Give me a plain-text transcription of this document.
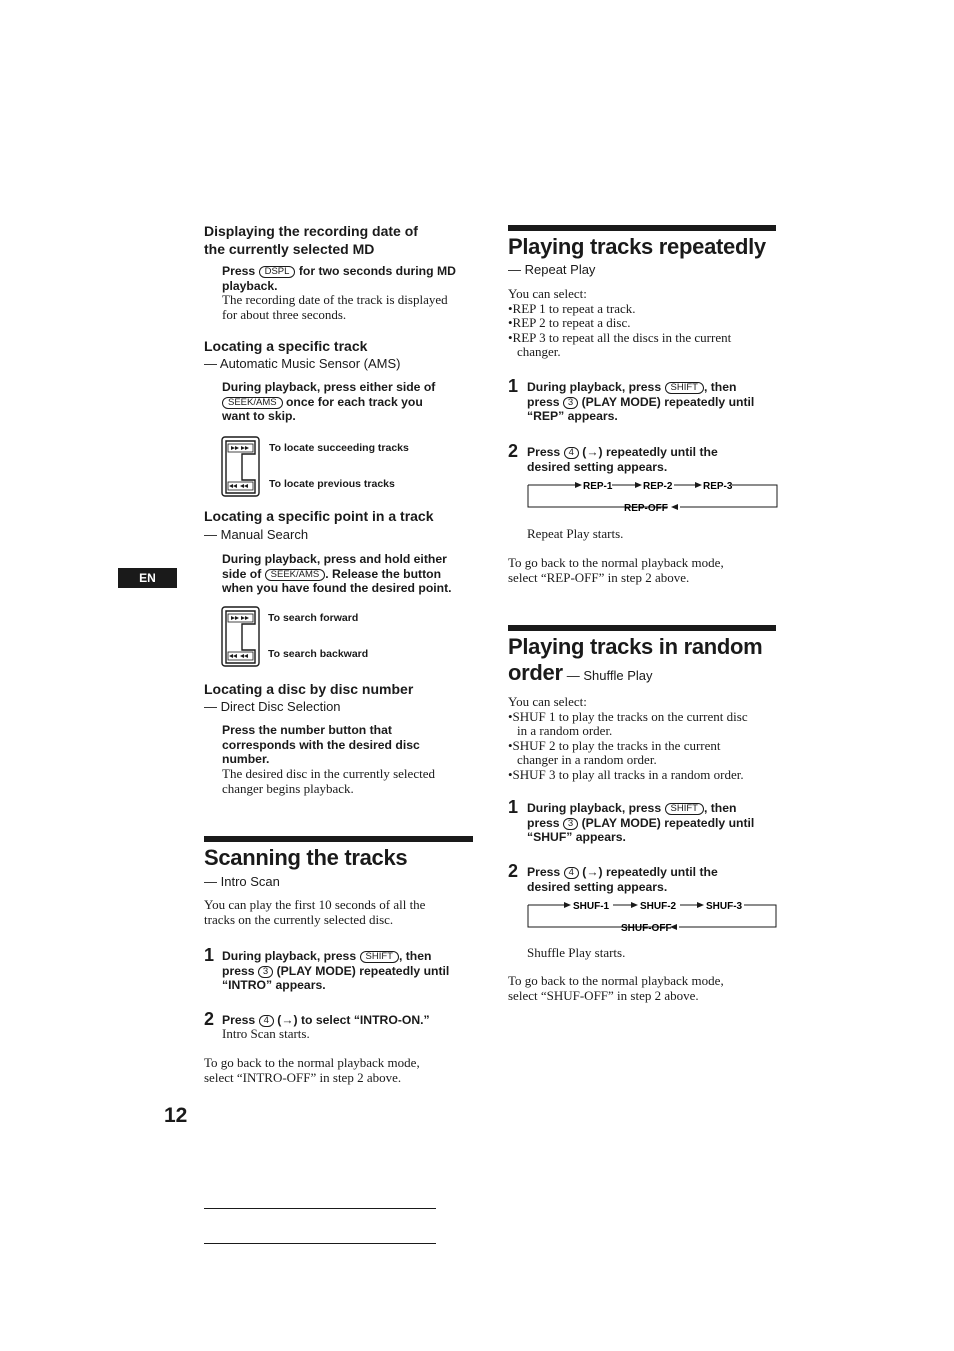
Displaying the recording date of
the currently selected MD
Press DSPL for two seconds during MD
playback.
The recording date of the track is displayed
for about three seconds.
Locating a specific track
— Automatic Music Sensor (AMS)
During playback, press either side of
SEEK/AMS once for each track you
want to skip.
To locate succeeding tracks
To locate previous tracks
Locating a specific point in a track
— Manual Search
During playback, press and hold either
side of SEEK/AMS . Release the button
when you have found the desired point.
To search forward
To search backward
Locating a disc by disc number
— Direct Disc Selection
Press the number button that
corresponds with the desired disc
number.
The desired disc in the currently selected
changer begins playback.
Scanning the tracks
— Intro Scan
You can play the first 10 seconds of all the
tracks on the currently selected disc.
1 During playback, press SHIFT , then
press 3 (PLAY MODE) repeatedly until
“INTRO” appears.
2 Press 4 (→) to select “INTRO-ON.”
Intro Scan starts.
To go back to the normal playback mode,
select “INTRO-OFF” in step 2 above.
EN
12
Playing tracks repeatedly
— Repeat Play
You can select:
•REP 1 to repeat a track.
•REP 2 to repeat a disc.
•REP 3 to repeat all the discs in the current
changer.
1 During playback, press SHIFT , then
press 3 (PLAY MODE) repeatedly until
“REP” appears.
2 Press 4 (→) repeatedly until the
desired setting appears.
REP-1	REP-2	REP-3
REP-OFF
Repeat Play starts.
To go back to the normal playback mode,
select “REP-OFF” in step 2 above.
Playing tracks in random
order — Shuffle Play
You can select:
•SHUF 1 to play the tracks on the current disc
in a random order.
•SHUF 2 to play the tracks in the current
changer in a random order.
•SHUF 3 to play all tracks in a random order.
1 During playback, press SHIFT , then
press 3 (PLAY MODE) repeatedly until
“SHUF” appears.
2 Press 4 (→) repeatedly until the
desired setting appears.
SHUF-1	SHUF-2	SHUF-3
SHUF-OFF
Shuffle Play starts.
To go back to the normal playback mode,
select “SHUF-OFF” in step 2 above.
